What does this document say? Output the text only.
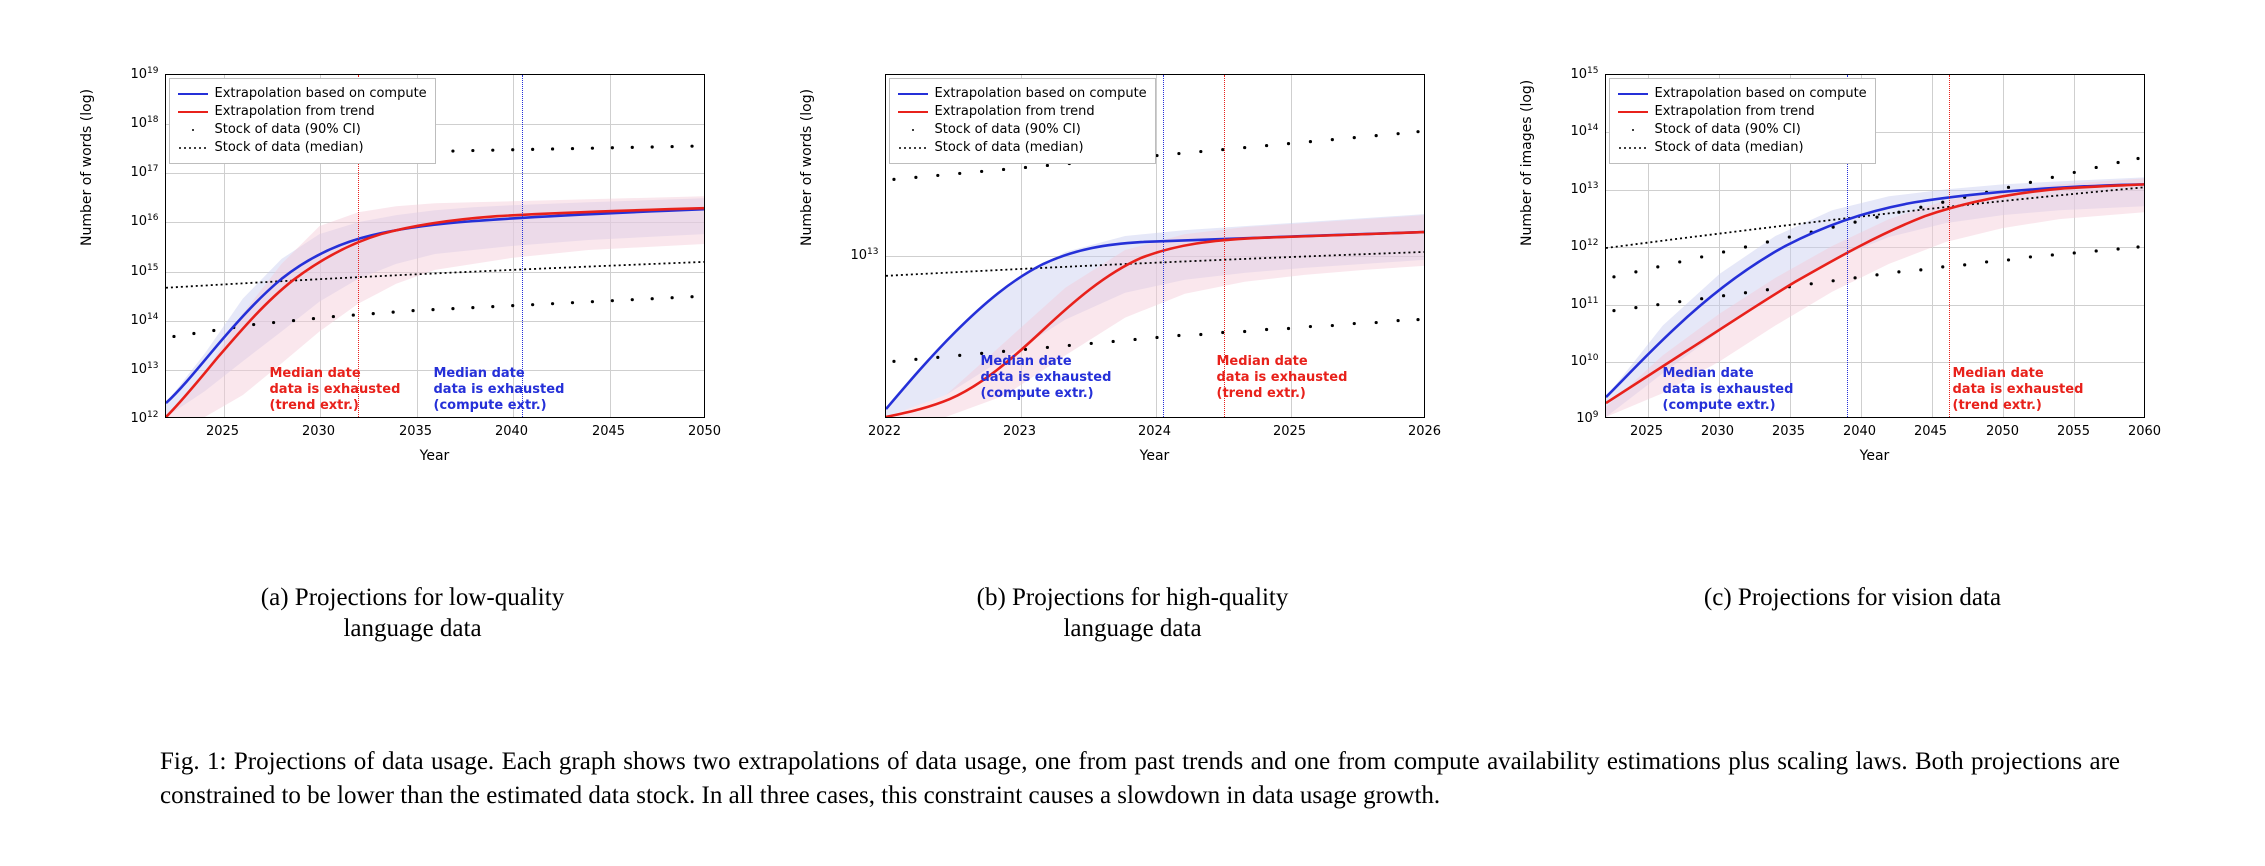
Number of words (log)
Year
$10^{12}$
$10^{13}$
$10^{14}$
$10^{15}$
$10^{16}$
$10^{17}$
$10^{18}$
$10^{19}$
2025	2030	2035	2040	2045	2050
Extrapolation based on compute
Extrapolation from trend
Stock of data (90% CI)
Stock of data (median)
Median date
data is exhausted
(trend extr.)
Median date
data is exhausted
(compute extr.)
(a) Projections for low-quality
language data
Number of words (log)
Year
$10^{13}$
2022	2023	2024	2025	2026
Extrapolation based on compute
Extrapolation from trend
Stock of data (90% CI)
Stock of data (median)
Median date
data is exhausted
(compute extr.)
Median date
data is exhausted
(trend extr.)
(b) Projections for high-quality
language data
Number of images (log)
Year
$10^9$
$10^{10}$
$10^{11}$
$10^{12}$
$10^{13}$
$10^{14}$
$10^{15}$
2025	2030	2035	2040	2045	2050	2055	2060
Extrapolation based on compute
Extrapolation from trend
Stock of data (90% CI)
Stock of data (median)
Median date
data is exhausted
(compute extr.)
Median date
data is exhausted
(trend extr.)
(c) Projections for vision data
Fig. 1: Projections of data usage. Each graph shows two extrapolations of data usage, one from past trends and one from compute availability estimations plus scaling laws. Both projections are constrained to be lower than the estimated data stock. In all three cases, this constraint causes a slowdown in data usage growth.
